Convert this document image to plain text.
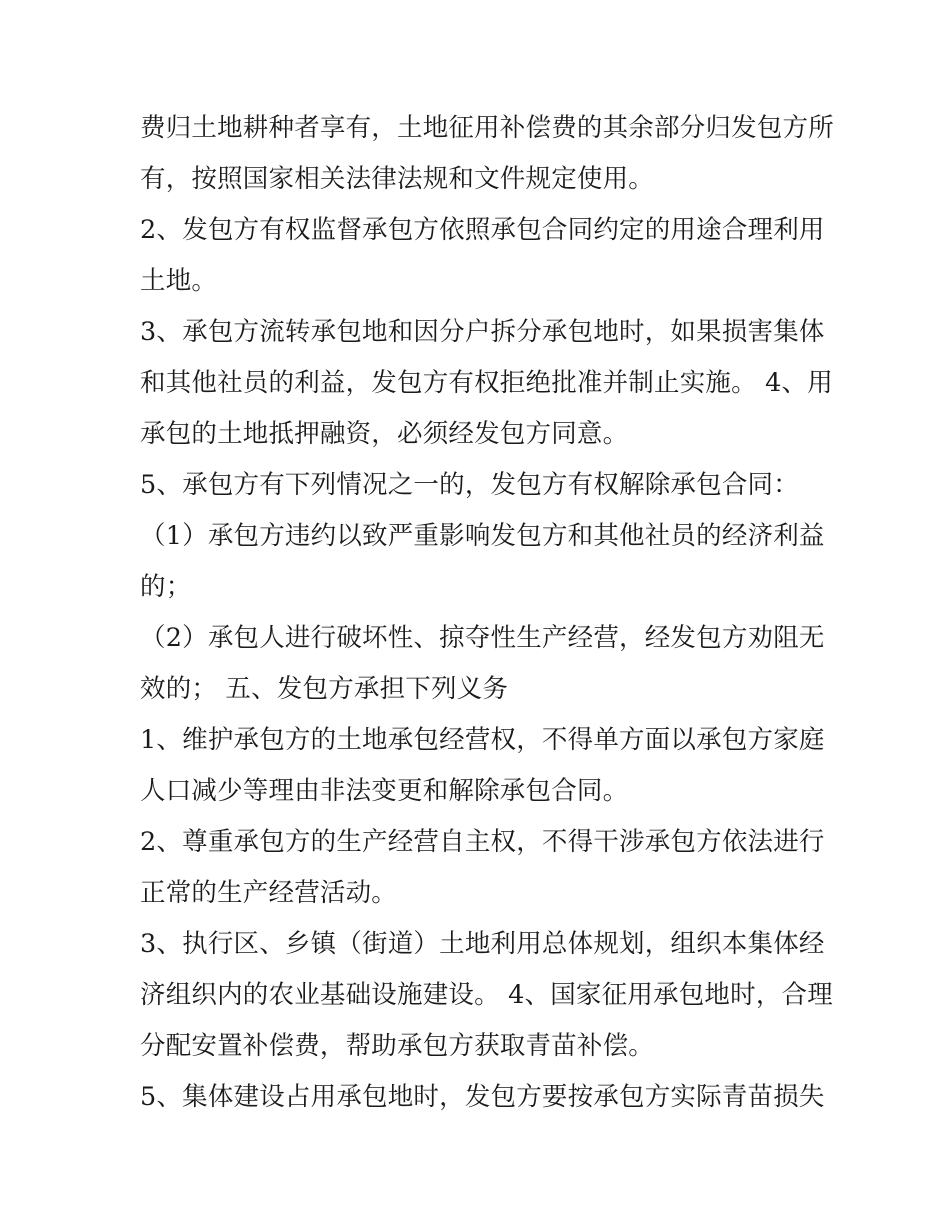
费归土地耕种者享有，土地征用补偿费的其余部分归发包方所
有，按照国家相关法律法规和文件规定使用。
2、发包方有权监督承包方依照承包合同约定的用途合理利用
土地。
3、承包方流转承包地和因分户拆分承包地时，如果损害集体
和其他社员的利益，发包方有权拒绝批准并制止实施。 4、用
承包的土地抵押融资，必须经发包方同意。
5、承包方有下列情况之一的，发包方有权解除承包合同：
（1）承包方违约以致严重影响发包方和其他社员的经济利益
的；
（2）承包人进行破坏性、掠夺性生产经营，经发包方劝阻无
效的； 五、发包方承担下列义务
1、维护承包方的土地承包经营权，不得单方面以承包方家庭
人口减少等理由非法变更和解除承包合同。
2、尊重承包方的生产经营自主权，不得干涉承包方依法进行
正常的生产经营活动。
3、执行区、乡镇（街道）土地利用总体规划，组织本集体经
济组织内的农业基础设施建设。 4、国家征用承包地时，合理
分配安置补偿费，帮助承包方获取青苗补偿。
5、集体建设占用承包地时，发包方要按承包方实际青苗损失
